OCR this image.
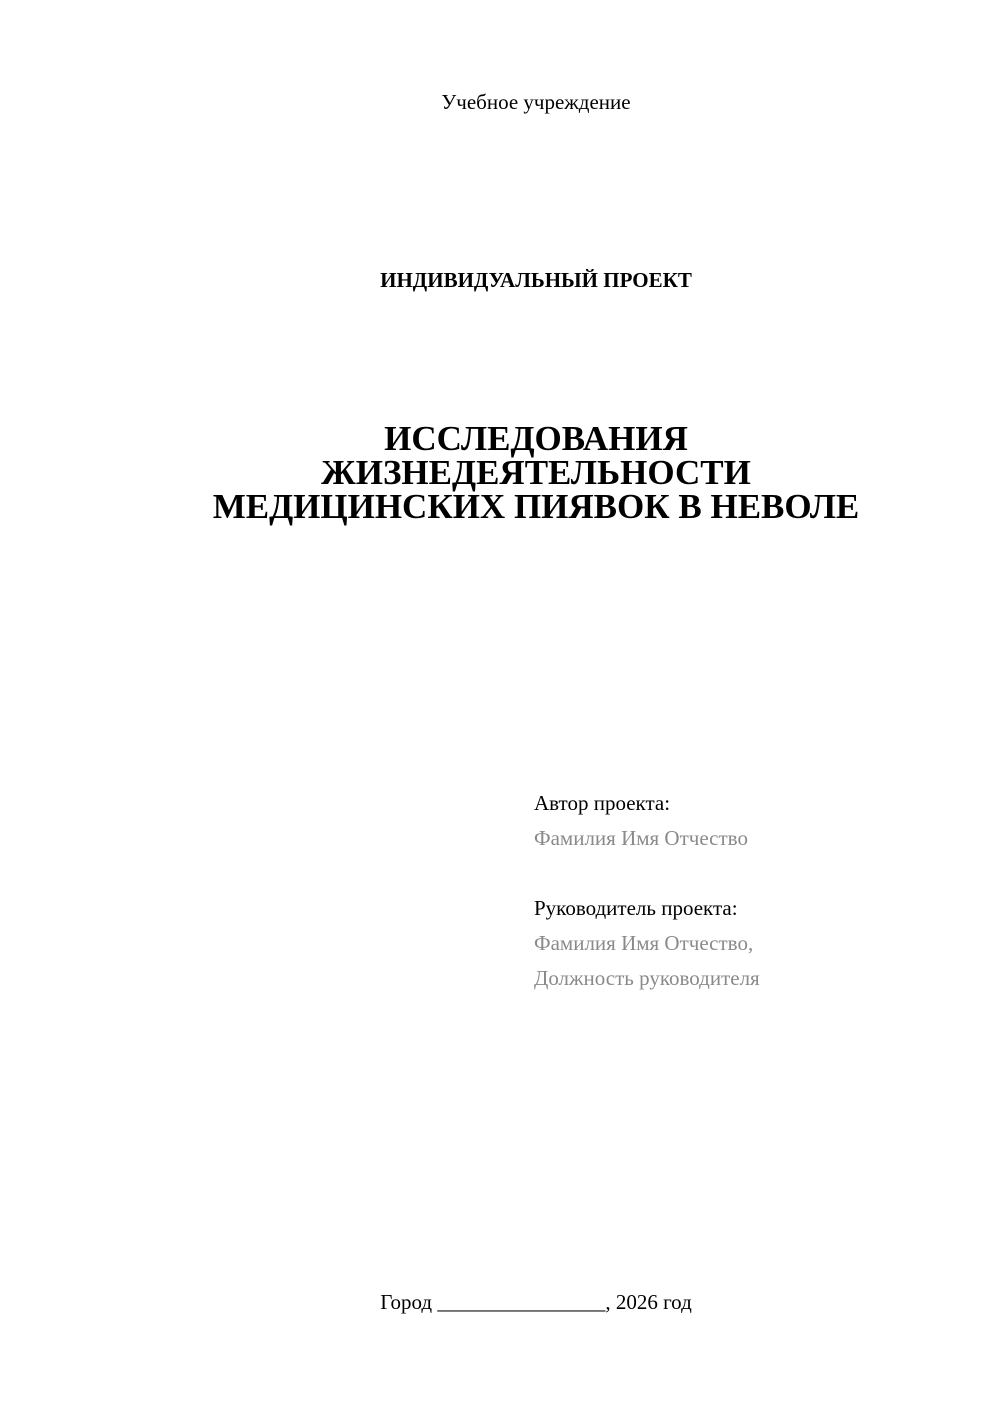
Учебное учреждение
ИНДИВИДУАЛЬНЫЙ ПРОЕКТ
ИССЛЕДОВАНИЯ
ЖИЗНЕДЕЯТЕЛЬНОСТИ
МЕДИЦИНСКИХ ПИЯВОК В НЕВОЛЕ
Автор проекта:
Фамилия Имя Отчество
Руководитель проекта:
Фамилия Имя Отчество,
Должность руководителя
Город ________________, 2026 год
